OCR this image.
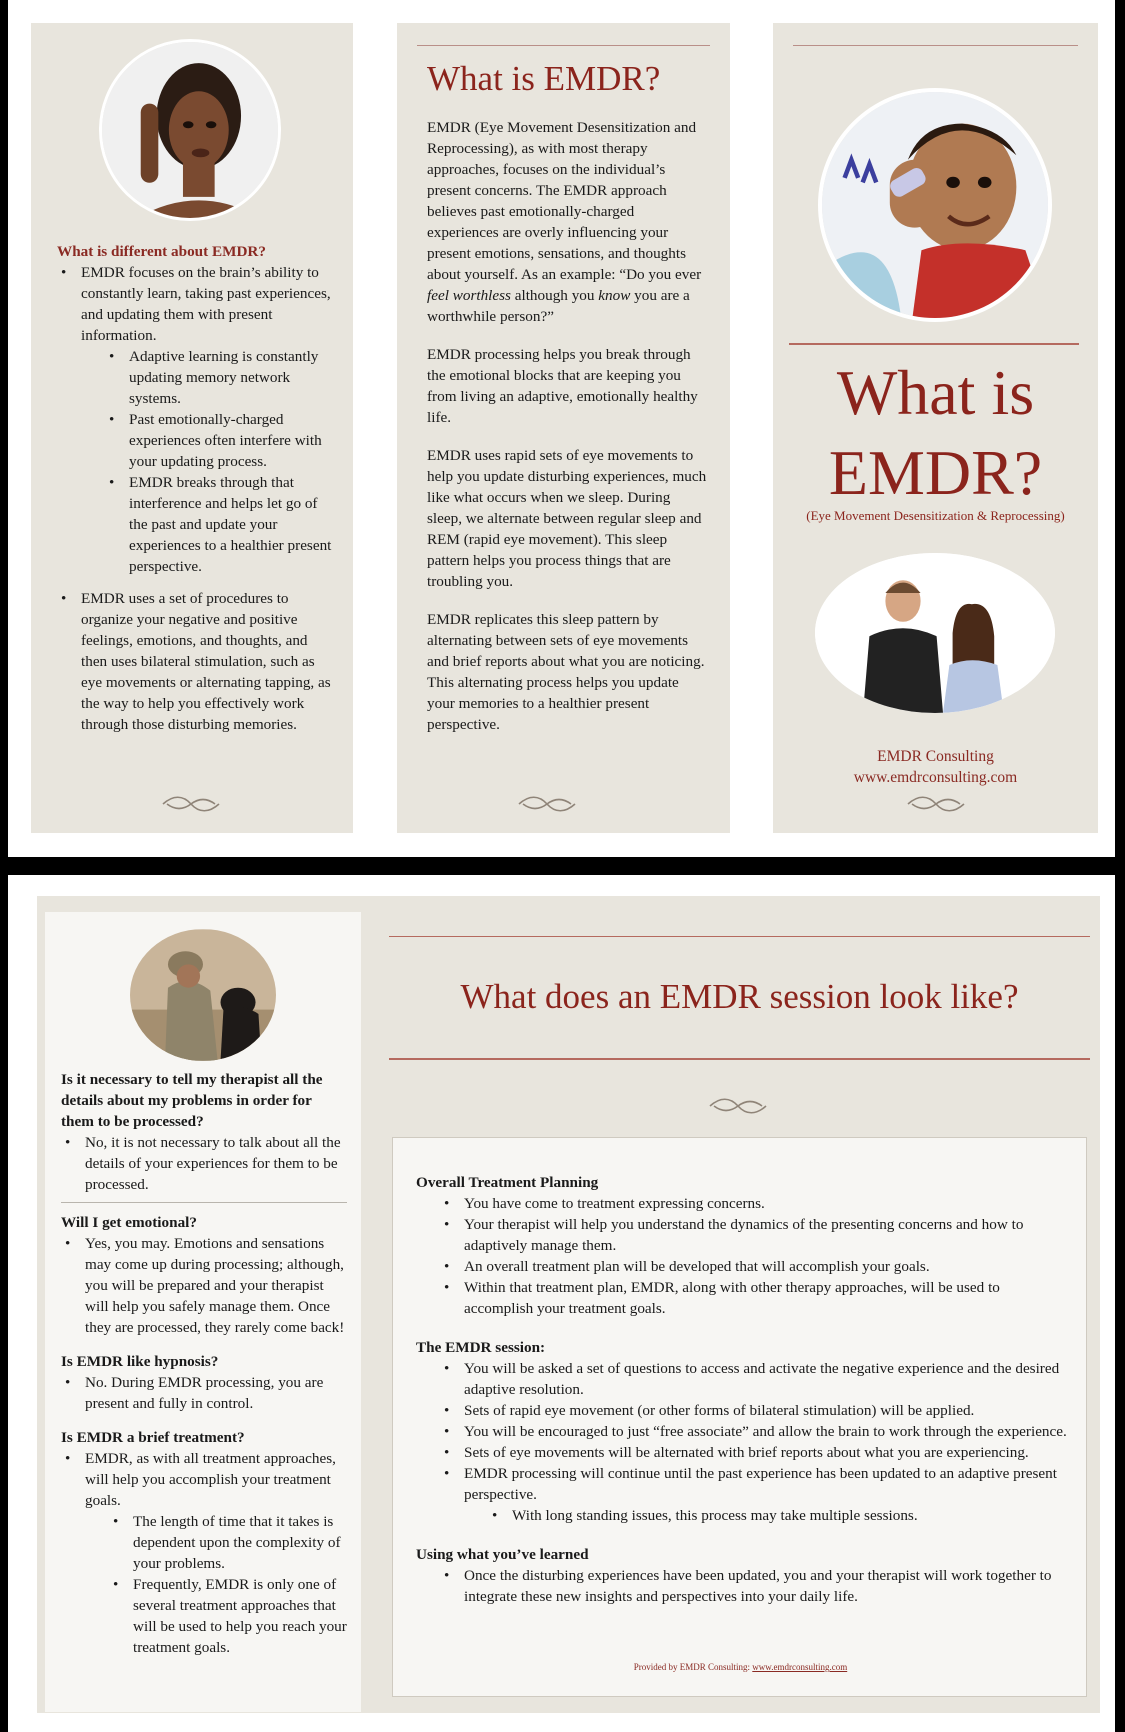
What is different about EMDR?
• EMDR focuses on the brain’s ability to constantly learn, taking past experiences, and updating them with present information.
• Adaptive learning is constantly updating memory network systems.
• Past emotionally-charged experiences often interfere with your updating process.
• EMDR breaks through that interference and helps let go of the past and update your experiences to a healthier present perspective.
• EMDR uses a set of procedures to organize your negative and positive feelings, emotions, and thoughts, and then uses bilateral stimulation, such as eye movements or alternating tapping, as the way to help you effectively work through those disturbing memories.
What is EMDR?

EMDR (Eye Movement Desensitization and Reprocessing), as with most therapy approaches, focuses on the individual’s present concerns. The EMDR approach believes past emotionally-charged experiences are overly influencing your present emotions, sensations, and thoughts about yourself. As an example: “Do you ever feel worthless although you know you are a worthwhile person?”

EMDR processing helps you break through the emotional blocks that are keeping you from living an adaptive, emotionally healthy life.

EMDR uses rapid sets of eye movements to help you update disturbing experiences, much like what occurs when we sleep. During sleep, we alternate between regular sleep and REM (rapid eye movement). This sleep pattern helps you process things that are troubling you.

EMDR replicates this sleep pattern by alternating between sets of eye movements and brief reports about what you are noticing. This alternating process helps you update your memories to a healthier present perspective.

What is
EMDR?
(Eye Movement Desensitization & Reprocessing)
EMDR Consulting
www.emdrconsulting.com
Is it necessary to tell my therapist all the details about my problems in order for them to be processed?
• No, it is not necessary to talk about all the details of your experiences for them to be processed.
Will I get emotional?
• Yes, you may. Emotions and sensations may come up during processing; although, you will be prepared and your therapist will help you safely manage them. Once they are processed, they rarely come back!
Is EMDR like hypnosis?
• No. During EMDR processing, you are present and fully in control.
Is EMDR a brief treatment?
• EMDR, as with all treatment approaches, will help you accomplish your treatment goals.
• The length of time that it takes is dependent upon the complexity of your problems.
• Frequently, EMDR is only one of several treatment approaches that will be used to help you reach your treatment goals.
What does an EMDR session look like?
Overall Treatment Planning
• You have come to treatment expressing concerns.
• Your therapist will help you understand the dynamics of the presenting concerns and how to adaptively manage them.
• An overall treatment plan will be developed that will accomplish your goals.
• Within that treatment plan, EMDR, along with other therapy approaches, will be used to accomplish your treatment goals.
The EMDR session:
• You will be asked a set of questions to access and activate the negative experience and the desired adaptive resolution.
• Sets of rapid eye movement (or other forms of bilateral stimulation) will be applied.
• You will be encouraged to just “free associate” and allow the brain to work through the experience.
• Sets of eye movements will be alternated with brief reports about what you are experiencing.
• EMDR processing will continue until the past experience has been updated to an adaptive present perspective.
• With long standing issues, this process may take multiple sessions.
Using what you’ve learned
• Once the disturbing experiences have been updated, you and your therapist will work together to integrate these new insights and perspectives into your daily life.
Provided by EMDR Consulting: www.emdrconsulting.com
